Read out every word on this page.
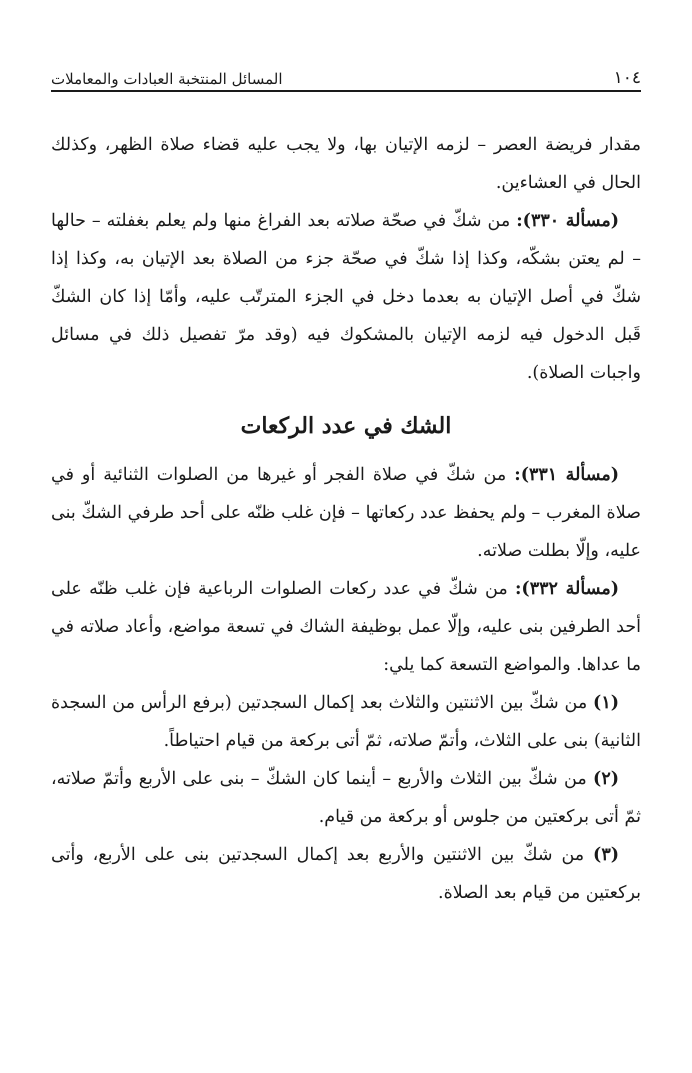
١٠٤
المسائل المنتخبة العبادات والمعاملات

مقدار فريضة العصر – لزمه الإتيان بها، ولا يجب عليه قضاء صلاة الظهر، وكذلك الحال في العشاءين.

(مسألة ٣٣٠): من شكّ في صحّة صلاته بعد الفراغ منها ولم يعلم بغفلته – حالها – لم يعتن بشكّه، وكذا إذا شكّ في صحّة جزء من الصلاة بعد الإتيان به، وكذا إذا شكّ في أصل الإتيان به بعدما دخل في الجزء المترتّب عليه، وأمّا إذا كان الشكّ قَبل الدخول فيه لزمه الإتيان بالمشكوك فيه (وقد مرّ تفصيل ذلك في مسائل واجبات الصلاة).

الشك في عدد الركعات

(مسألة ٣٣١): من شكّ في صلاة الفجر أو غيرها من الصلوات الثنائية أو في صلاة المغرب – ولم يحفظ عدد ركعاتها – فإن غلب ظنّه على أحد طرفي الشكّ بنى عليه، وإلّا بطلت صلاته.

(مسألة ٣٣٢): من شكّ في عدد ركعات الصلوات الرباعية فإن غلب ظنّه على أحد الطرفين بنى عليه، وإلّا عمل بوظيفة الشاك في تسعة مواضع، وأعاد صلاته في ما عداها. والمواضع التسعة كما يلي:

(١) من شكّ بين الاثنتين والثلاث بعد إكمال السجدتين (برفع الرأس من السجدة الثانية) بنى على الثلاث، وأتمّ صلاته، ثمّ أتى بركعة من قيام احتياطاً.

(٢) من شكّ بين الثلاث والأربع – أينما كان الشكّ – بنى على الأربع وأتمّ صلاته، ثمّ أتى بركعتين من جلوس أو بركعة من قيام.

(٣) من شكّ بين الاثنتين والأربع بعد إكمال السجدتين بنى على الأربع، وأتى بركعتين من قيام بعد الصلاة.
